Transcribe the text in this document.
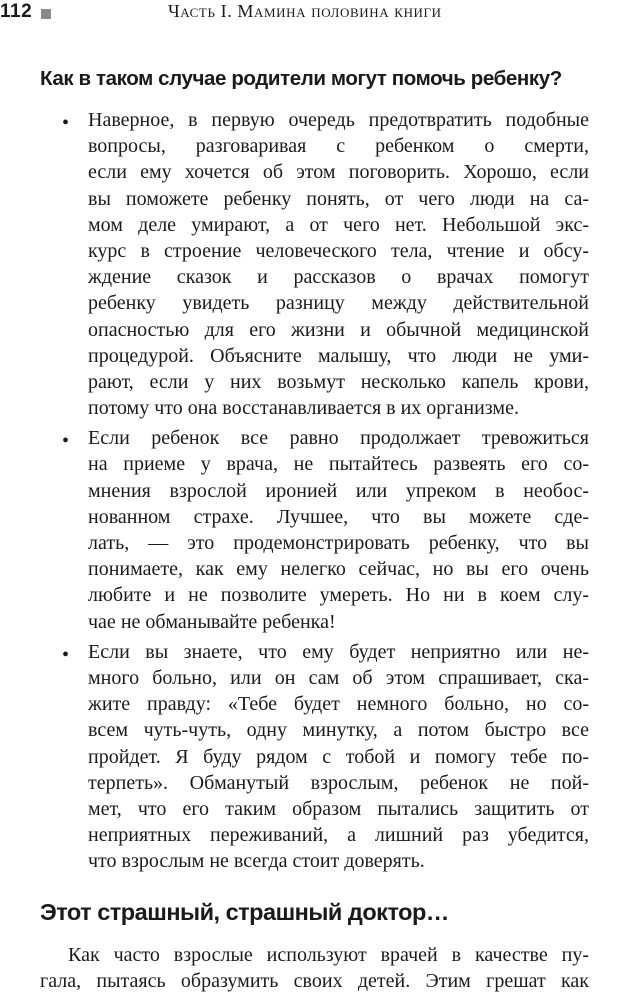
112	Часть I. Мамина половина книги
Как в таком случае родители могут помочь ребенку?
• Наверное, в первую очередь предотвратить подобные
вопросы, разговаривая с ребенком о смерти,
если ему хочется об этом поговорить. Хорошо, если
вы поможете ребенку понять, от чего люди на са-
мом деле умирают, а от чего нет. Небольшой экс-
курс в строение человеческого тела, чтение и обсу-
ждение сказок и рассказов о врачах помогут
ребенку увидеть разницу между действительной
опасностью для его жизни и обычной медицинской
процедурой. Объясните малышу, что люди не уми-
рают, если у них возьмут несколько капель крови,
потому что она восстанавливается в их организме.
• Если ребенок все равно продолжает тревожиться
на приеме у врача, не пытайтесь развеять его со-
мнения взрослой иронией или упреком в необос-
нованном страхе. Лучшее, что вы можете сде-
лать, — это продемонстрировать ребенку, что вы
понимаете, как ему нелегко сейчас, но вы его очень
любите и не позволите умереть. Но ни в коем слу-
чае не обманывайте ребенка!
• Если вы знаете, что ему будет неприятно или не-
много больно, или он сам об этом спрашивает, ска-
жите правду: «Тебе будет немного больно, но со-
всем чуть-чуть, одну минутку, а потом быстро все
пройдет. Я буду рядом с тобой и помогу тебе по-
терпеть». Обманутый взрослым, ребенок не пой-
мет, что его таким образом пытались защитить от
неприятных переживаний, а лишний раз убедится,
что взрослым не всегда стоит доверять.
Этот страшный, страшный доктор…
Как часто взрослые используют врачей в качестве пу-
гала, пытаясь образумить своих детей. Этим грешат как
